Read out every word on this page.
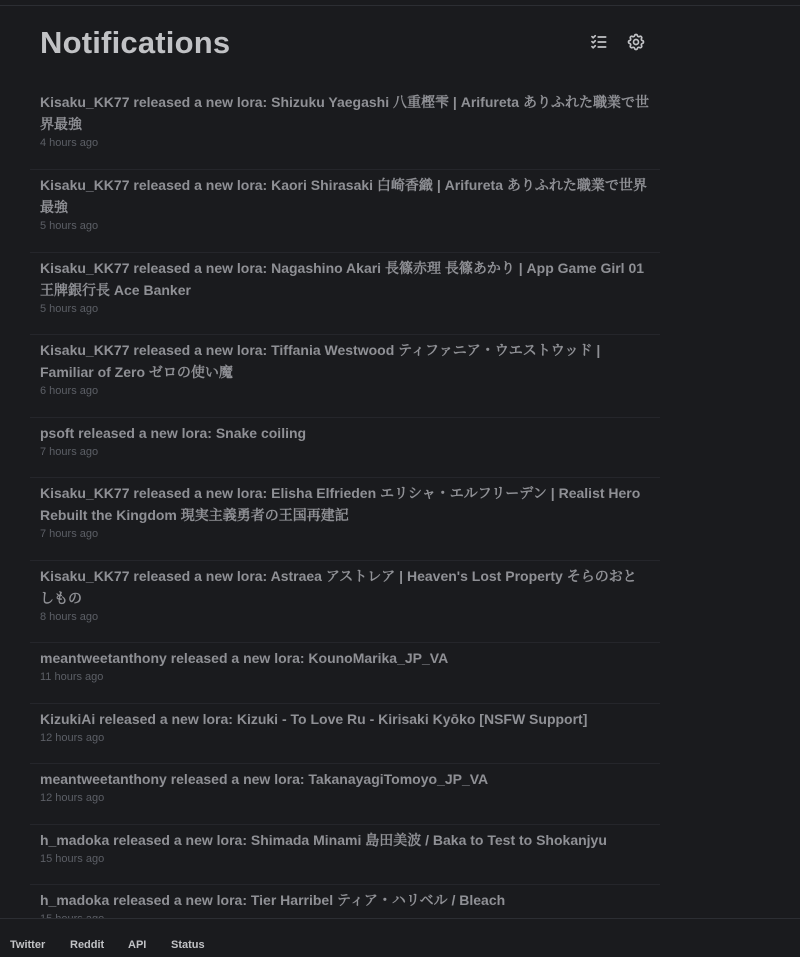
Notifications
Kisaku_KK77 released a new lora: Shizuku Yaegashi 八重樫雫 | Arifureta ありふれた職業で世界最強
4 hours ago
Kisaku_KK77 released a new lora: Kaori Shirasaki 白崎香織 | Arifureta ありふれた職業で世界最強
5 hours ago
Kisaku_KK77 released a new lora: Nagashino Akari 長篠赤理 長篠あかり | App Game Girl 01 王牌銀行長 Ace Banker
5 hours ago
Kisaku_KK77 released a new lora: Tiffania Westwood ティファニア・ウエストウッド | Familiar of Zero ゼロの使い魔
6 hours ago
psoft released a new lora: Snake coiling
7 hours ago
Kisaku_KK77 released a new lora: Elisha Elfrieden エリシャ・エルフリーデン | Realist Hero Rebuilt the Kingdom 現実主義勇者の王国再建記
7 hours ago
Kisaku_KK77 released a new lora: Astraea アストレア | Heaven's Lost Property そらのおとしもの
8 hours ago
meantweetanthony released a new lora: KounoMarika_JP_VA
11 hours ago
KizukiAi released a new lora: Kizuki - To Love Ru - Kirisaki Kyōko [NSFW Support]
12 hours ago
meantweetanthony released a new lora: TakanayagiTomoyo_JP_VA
12 hours ago
h_madoka released a new lora: Shimada Minami 島田美波 / Baka to Test to Shokanjyu
15 hours ago
h_madoka released a new lora: Tier Harribel ティア・ハリベル / Bleach
Twitter Reddit API Status
